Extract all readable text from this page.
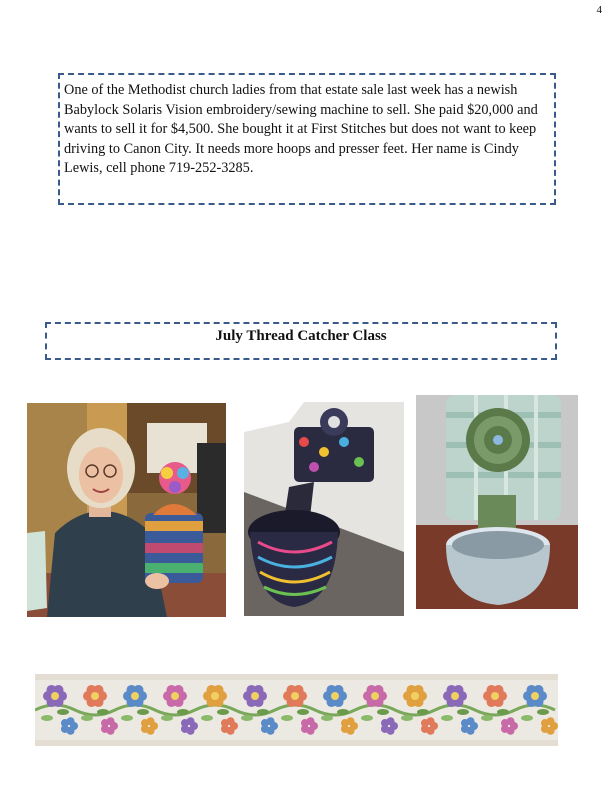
4
One of the Methodist church ladies from that estate sale last week has a newish Babylock Solaris Vision embroidery/sewing machine to sell. She paid $20,000 and wants to sell it for $4,500. She bought it at First Stitches but does not want to keep driving to Canon City. It needs more hoops and presser feet. Her name is Cindy Lewis, cell phone 719-252-3285.
July Thread Catcher Class
